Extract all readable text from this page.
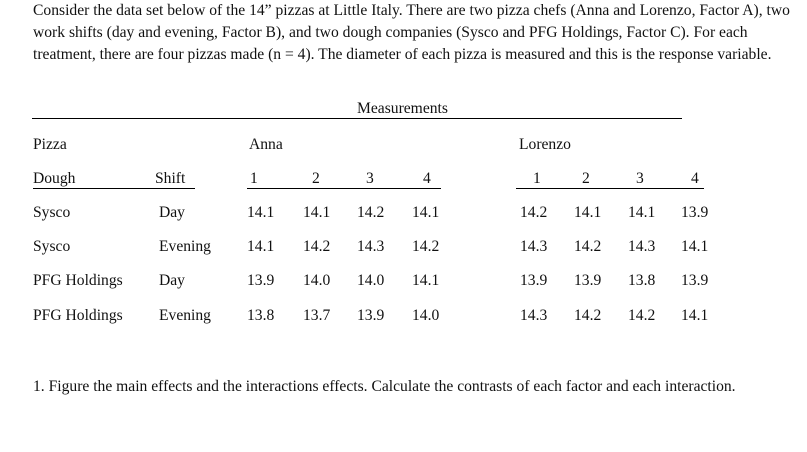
Consider the data set below of the 14” pizzas at Little Italy. There are two pizza chefs (Anna and Lorenzo, Factor A), two work shifts (day and evening, Factor B), and two dough companies (Sysco and PFG Holdings, Factor C). For each treatment, there are four pizzas made (n = 4). The diameter of each pizza is measured and this is the response variable.

Measurements
Pizza	Anna	Lorenzo
Dough	Shift	1	2	3	4	1	2	3	4
Sysco	Day	14.1 14.1 14.2 14.1	14.2 14.1 14.1 13.9
Sysco	Evening 14.1 14.2 14.3 14.2	14.3 14.2 14.3 14.1
PFG Holdings Day	13.9 14.0 14.0 14.1	13.9 13.9 13.8 13.9
PFG Holdings Evening 13.8 13.7 13.9 14.0	14.3 14.2 14.2 14.1

1. Figure the main effects and the interactions effects. Calculate the contrasts of each factor and each interaction.
